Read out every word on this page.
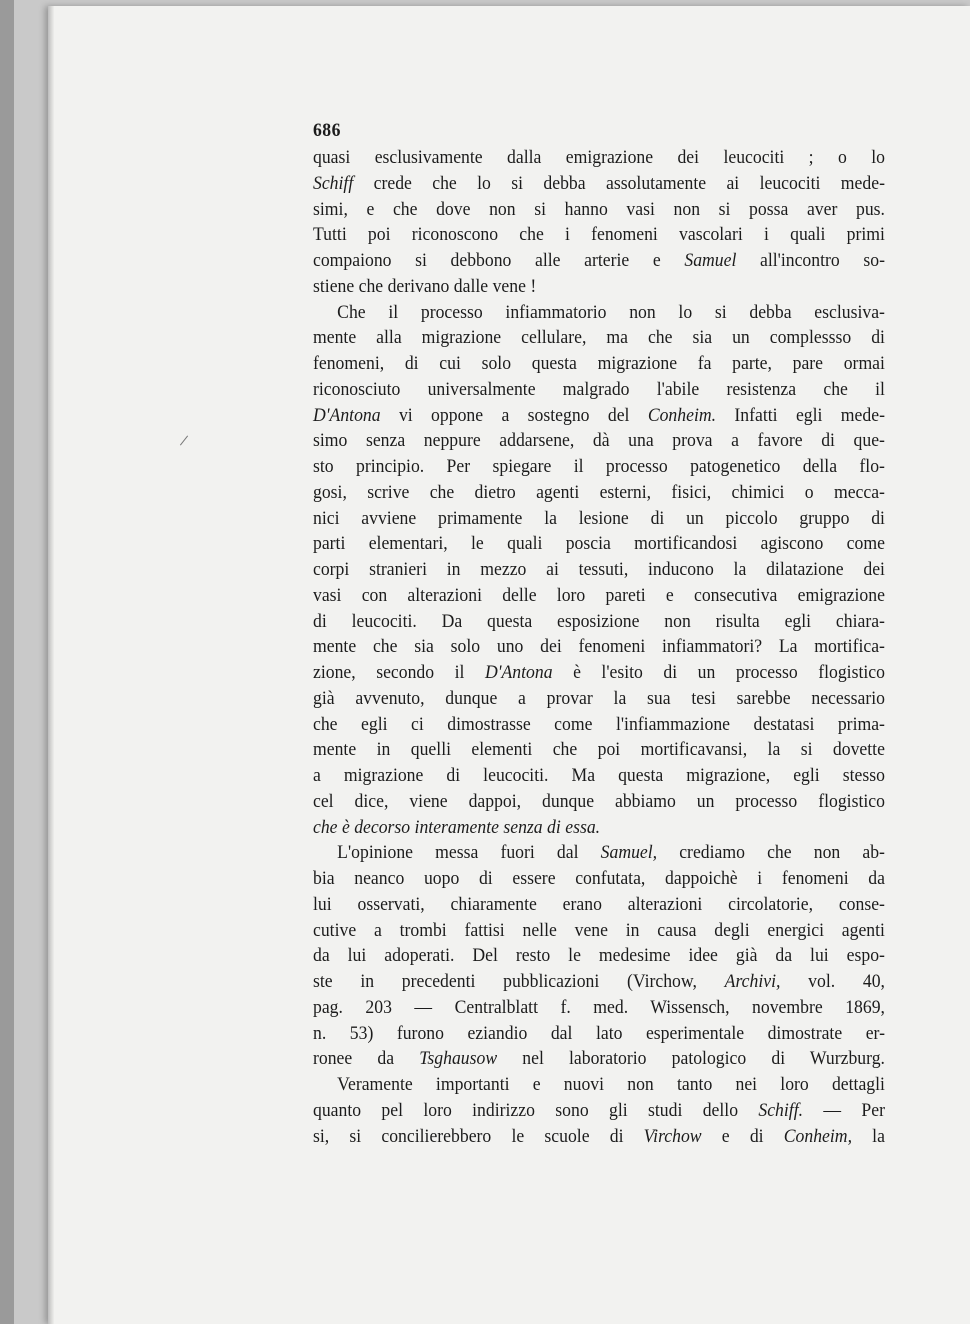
686
quasi esclusivamente dalla emigrazione dei leucociti ; o lo
Schiff crede che lo si debba assolutamente ai leucociti mede-
simi, e che dove non si hanno vasi non si possa aver pus.
Tutti poi riconoscono che i fenomeni vascolari i quali primi
compaiono si debbono alle arterie e Samuel all'incontro so-
stiene che derivano dalle vene !
Che il processo infiammatorio non lo si debba esclusiva-
mente alla migrazione cellulare, ma che sia un complessso di
fenomeni, di cui solo questa migrazione fa parte, pare ormai
riconosciuto universalmente malgrado l'abile resistenza che il
D'Antona vi oppone a sostegno del Conheim. Infatti egli mede-
simo senza neppure addarsene, dà una prova a favore di que-
sto principio. Per spiegare il processo patogenetico della flo-
gosi, scrive che dietro agenti esterni, fisici, chimici o mecca-
nici avviene primamente la lesione di un piccolo gruppo di
parti elementari, le quali poscia mortificandosi agiscono come
corpi stranieri in mezzo ai tessuti, inducono la dilatazione dei
vasi con alterazioni delle loro pareti e consecutiva emigrazione
di leucociti. Da questa esposizione non risulta egli chiara-
mente che sia solo uno dei fenomeni infiammatori? La mortifica-
zione, secondo il D'Antona è l'esito di un processo flogistico
già avvenuto, dunque a provar la sua tesi sarebbe necessario
che egli ci dimostrasse come l'infiammazione destatasi prima-
mente in quelli elementi che poi mortificavansi, la si dovette
a migrazione di leucociti. Ma questa migrazione, egli stesso
cel dice, viene dappoi, dunque abbiamo un processo flogistico
che è decorso interamente senza di essa.
L'opinione messa fuori dal Samuel, crediamo che non ab-
bia neanco uopo di essere confutata, dappoichè i fenomeni da
lui osservati, chiaramente erano alterazioni circolatorie, conse-
cutive a trombi fattisi nelle vene in causa degli energici agenti
da lui adoperati. Del resto le medesime idee già da lui espo-
ste in precedenti pubblicazioni (Virchow, Archivi, vol. 40,
pag. 203 — Centralblatt f. med. Wissensch, novembre 1869,
n. 53) furono eziandio dal lato esperimentale dimostrate er-
ronee da Tsghausow nel laboratorio patologico di Wurzburg.
Veramente importanti e nuovi non tanto nei loro dettagli
quanto pel loro indirizzo sono gli studi dello Schiff. — Per
si, si concilierebbero le scuole di Virchow e di Conheim, la
